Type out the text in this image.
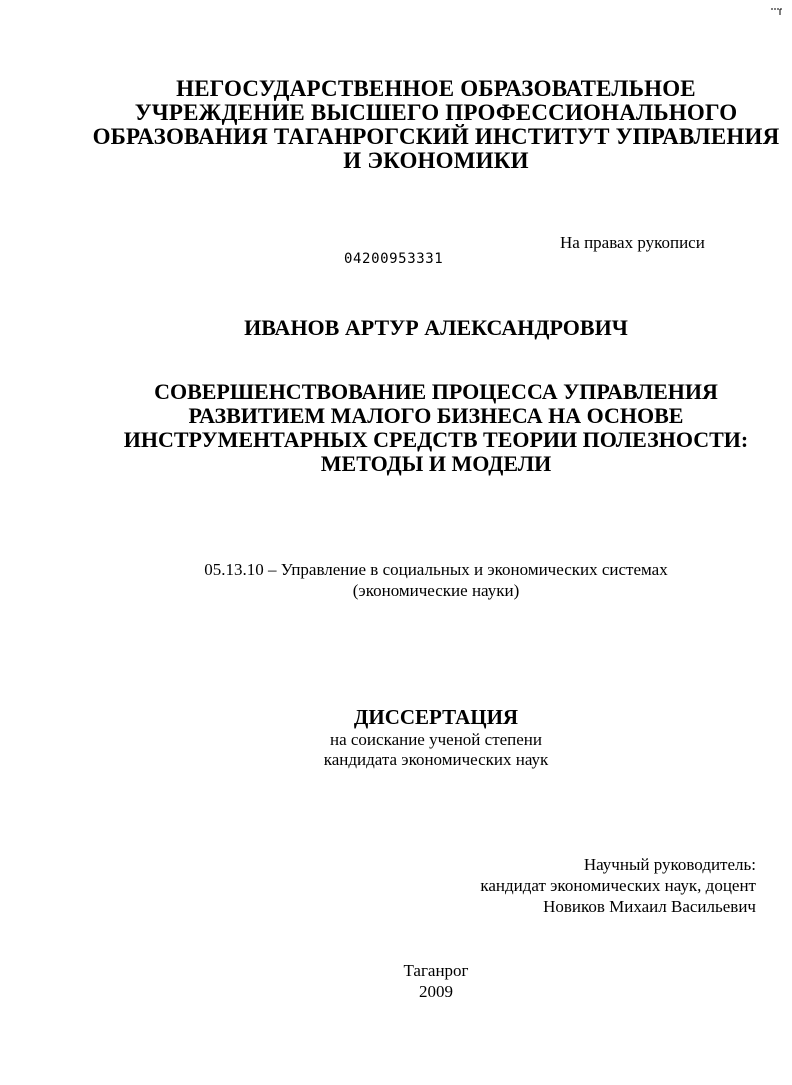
НЕГОСУДАРСТВЕННОЕ ОБРАЗОВАТЕЛЬНОЕ
УЧРЕЖДЕНИЕ ВЫСШЕГО ПРОФЕССИОНАЛЬНОГО
ОБРАЗОВАНИЯ ТАГАНРОГСКИЙ ИНСТИТУТ УПРАВЛЕНИЯ
И ЭКОНОМИКИ
На правах рукописи
04200953331
ИВАНОВ АРТУР АЛЕКСАНДРОВИЧ
СОВЕРШЕНСТВОВАНИЕ ПРОЦЕССА УПРАВЛЕНИЯ
РАЗВИТИЕМ МАЛОГО БИЗНЕСА НА ОСНОВЕ
ИНСТРУМЕНТАРНЫХ СРЕДСТВ ТЕОРИИ ПОЛЕЗНОСТИ:
МЕТОДЫ И МОДЕЛИ
05.13.10 – Управление в социальных и экономических системах
(экономические науки)
ДИССЕРТАЦИЯ
на соискание ученой степени
кандидата экономических наук
Научный руководитель:
кандидат экономических наук, доцент
Новиков Михаил Васильевич
Таганрог
2009
